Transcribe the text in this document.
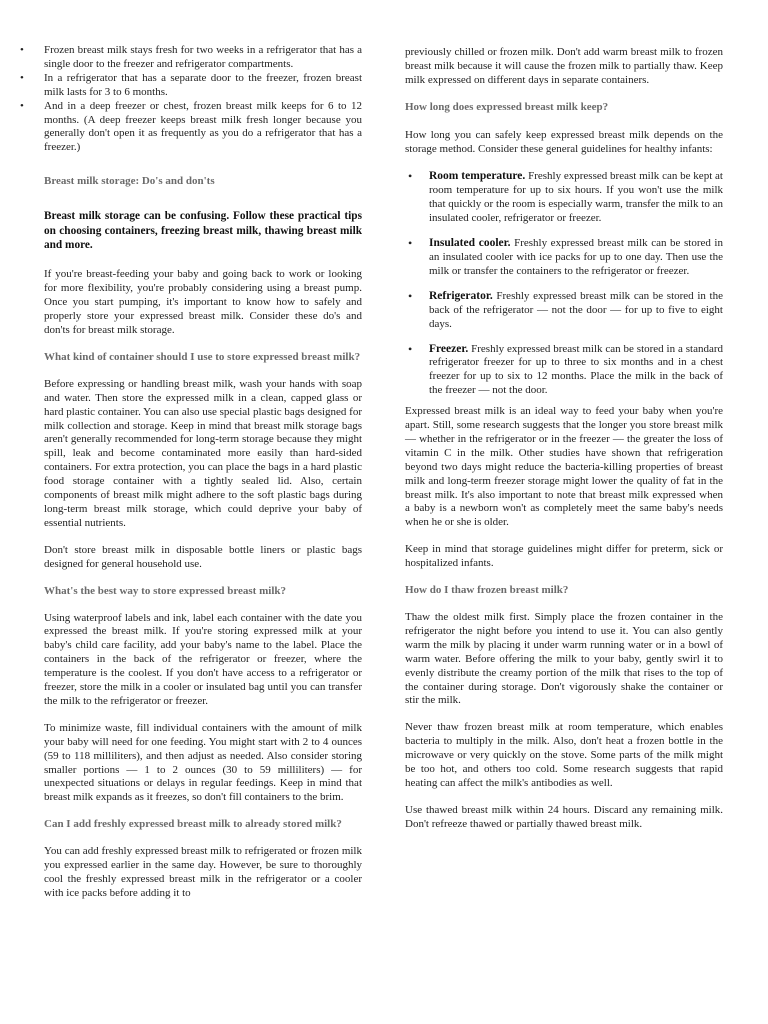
• Frozen breast milk stays fresh for two weeks in a refrigerator that has a single door to the freezer and refrigerator compartments.
• In a refrigerator that has a separate door to the freezer, frozen breast milk lasts for 3 to 6 months.
• And in a deep freezer or chest, frozen breast milk keeps for 6 to 12 months. (A deep freezer keeps breast milk fresh longer because you generally don't open it as frequently as you do a refrigerator that has a freezer.)
Breast milk storage: Do's and don'ts

Breast milk storage can be confusing. Follow these practical tips on choosing containers, freezing breast milk, thawing breast milk and more.

If you're breast-feeding your baby and going back to work or looking for more flexibility, you're probably considering using a breast pump. Once you start pumping, it's important to know how to safely and properly store your expressed breast milk. Consider these do's and don'ts for breast milk storage.

What kind of container should I use to store expressed breast milk?

Before expressing or handling breast milk, wash your hands with soap and water. Then store the expressed milk in a clean, capped glass or hard plastic container. You can also use special plastic bags designed for milk collection and storage. Keep in mind that breast milk storage bags aren't generally recommended for long-term storage because they might spill, leak and become contaminated more easily than hard-sided containers. For extra protection, you can place the bags in a hard plastic food storage container with a tightly sealed lid. Also, certain components of breast milk might adhere to the soft plastic bags during long-term breast milk storage, which could deprive your baby of essential nutrients.

Don't store breast milk in disposable bottle liners or plastic bags designed for general household use.

What's the best way to store expressed breast milk?

Using waterproof labels and ink, label each container with the date you expressed the breast milk. If you're storing expressed milk at your baby's child care facility, add your baby's name to the label. Place the containers in the back of the refrigerator or freezer, where the temperature is the coolest. If you don't have access to a refrigerator or freezer, store the milk in a cooler or insulated bag until you can transfer the milk to the refrigerator or freezer.

To minimize waste, fill individual containers with the amount of milk your baby will need for one feeding. You might start with 2 to 4 ounces (59 to 118 milliliters), and then adjust as needed. Also consider storing smaller portions — 1 to 2 ounces (30 to 59 milliliters) — for unexpected situations or delays in regular feedings. Keep in mind that breast milk expands as it freezes, so don't fill containers to the brim.

Can I add freshly expressed breast milk to already stored milk?

You can add freshly expressed breast milk to refrigerated or frozen milk you expressed earlier in the same day. However, be sure to thoroughly cool the freshly expressed breast milk in the refrigerator or a cooler with ice packs before adding it to

previously chilled or frozen milk. Don't add warm breast milk to frozen breast milk because it will cause the frozen milk to partially thaw. Keep milk expressed on different days in separate containers.

How long does expressed breast milk keep?

How long you can safely keep expressed breast milk depends on the storage method. Consider these general guidelines for healthy infants:

• Room temperature. Freshly expressed breast milk can be kept at room temperature for up to six hours. If you won't use the milk that quickly or the room is especially warm, transfer the milk to an insulated cooler, refrigerator or freezer.
• Insulated cooler. Freshly expressed breast milk can be stored in an insulated cooler with ice packs for up to one day. Then use the milk or transfer the containers to the refrigerator or freezer.
• Refrigerator. Freshly expressed breast milk can be stored in the back of the refrigerator — not the door — for up to five to eight days.
• Freezer. Freshly expressed breast milk can be stored in a standard refrigerator freezer for up to three to six months and in a chest freezer for up to six to 12 months. Place the milk in the back of the freezer — not the door.

Expressed breast milk is an ideal way to feed your baby when you're apart. Still, some research suggests that the longer you store breast milk — whether in the refrigerator or in the freezer — the greater the loss of vitamin C in the milk. Other studies have shown that refrigeration beyond two days might reduce the bacteria-killing properties of breast milk and long-term freezer storage might lower the quality of fat in the breast milk. It's also important to note that breast milk expressed when a baby is a newborn won't as completely meet the same baby's needs when he or she is older.

Keep in mind that storage guidelines might differ for preterm, sick or hospitalized infants.

How do I thaw frozen breast milk?

Thaw the oldest milk first. Simply place the frozen container in the refrigerator the night before you intend to use it. You can also gently warm the milk by placing it under warm running water or in a bowl of warm water. Before offering the milk to your baby, gently swirl it to evenly distribute the creamy portion of the milk that rises to the top of the container during storage. Don't vigorously shake the container or stir the milk.

Never thaw frozen breast milk at room temperature, which enables bacteria to multiply in the milk. Also, don't heat a frozen bottle in the microwave or very quickly on the stove. Some parts of the milk might be too hot, and others too cold. Some research suggests that rapid heating can affect the milk's antibodies as well.

Use thawed breast milk within 24 hours. Discard any remaining milk. Don't refreeze thawed or partially thawed breast milk.
